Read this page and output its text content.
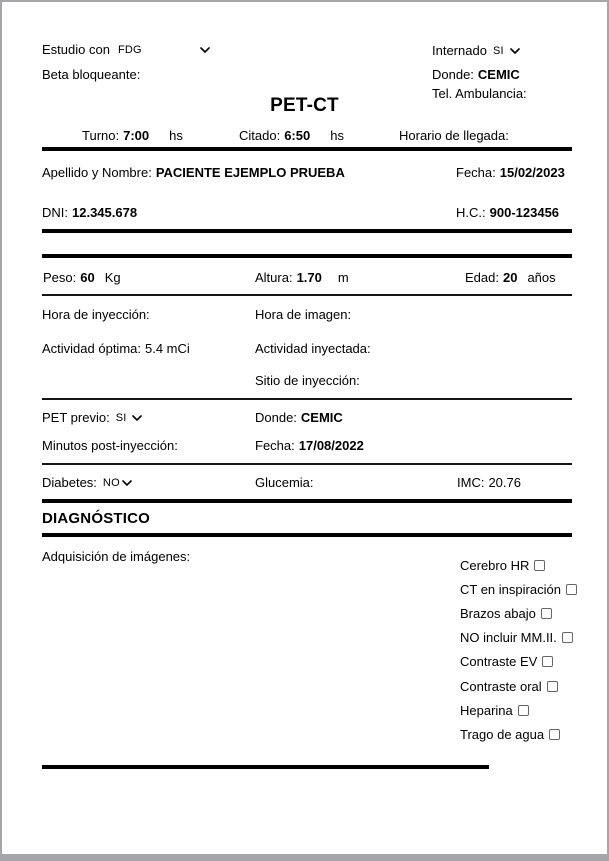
Estudio con FDG	Internado SI
Beta bloqueante:	Donde: CEMIC
Tel. Ambulancia:
PET-CT
Turno: 7:00 hs	Citado: 6:50 hs	Horario de llegada:
Apellido y Nombre: PACIENTE EJEMPLO PRUEBA	Fecha: 15/02/2023
DNI: 12.345.678	H.C.: 900-123456
Peso: 60 Kg	Altura: 1.70 m	Edad: 20 años
Hora de inyección:	Hora de imagen:
Actividad óptima: 5.4 mCi	Actividad inyectada:
Sitio de inyección:
PET previo: SI	Donde: CEMIC
Minutos post-inyección:	Fecha: 17/08/2022
Diabetes: NO	Glucemia:	IMC: 20.76
DIAGNÓSTICO
Adquisición de imágenes:
Cerebro HR
CT en inspiración
Brazos abajo
NO incluir MM.II.
Contraste EV
Contraste oral
Heparina
Trago de agua
